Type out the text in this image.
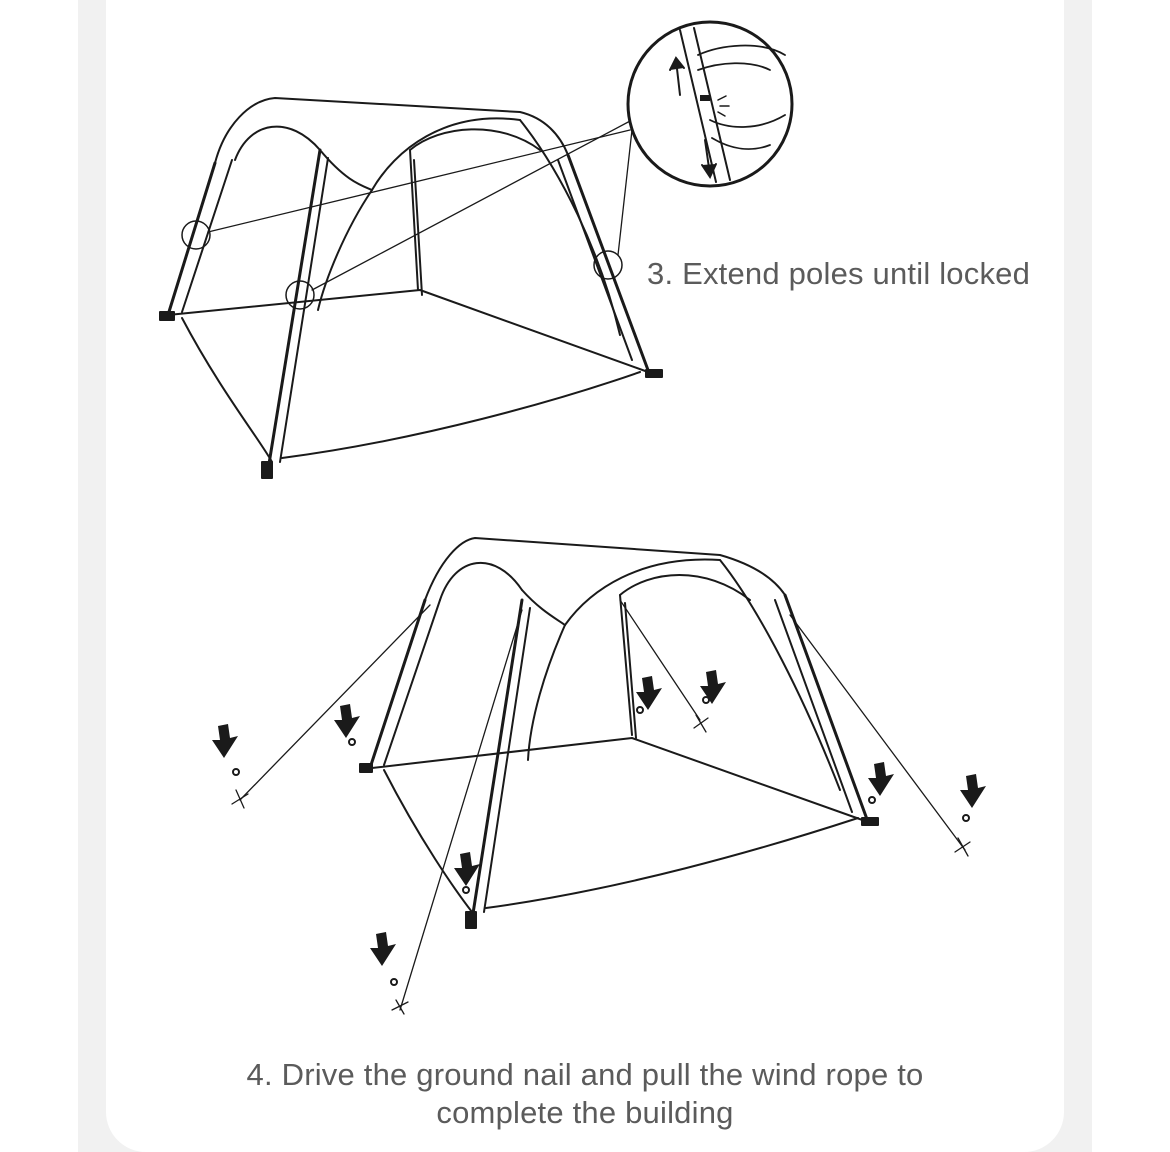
3. Extend poles until locked
4. Drive the ground nail and pull the wind rope to
complete the building
